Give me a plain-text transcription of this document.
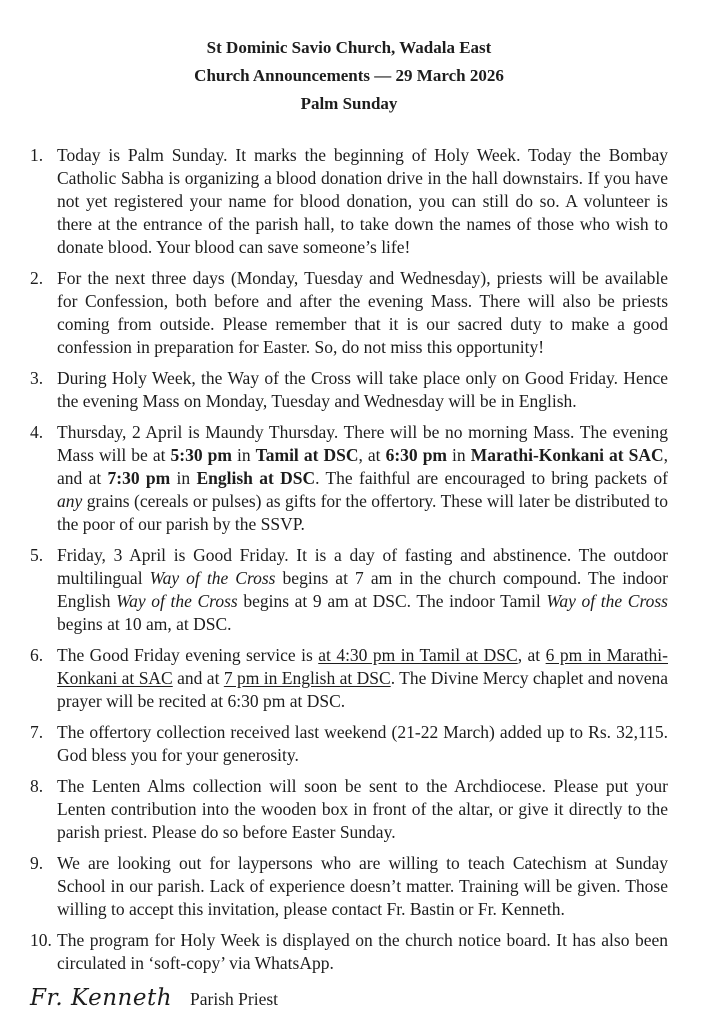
St Dominic Savio Church, Wadala East
Church Announcements — 29 March 2026
Palm Sunday
1. Today is Palm Sunday. It marks the beginning of Holy Week. Today the Bombay Catholic Sabha is organizing a blood donation drive in the hall downstairs. If you have not yet registered your name for blood donation, you can still do so. A volunteer is there at the entrance of the parish hall, to take down the names of those who wish to donate blood. Your blood can save someone’s life!

2. For the next three days (Monday, Tuesday and Wednesday), priests will be available for Confession, both before and after the evening Mass. There will also be priests coming from outside. Please remember that it is our sacred duty to make a good confession in preparation for Easter. So, do not miss this opportunity!

3. During Holy Week, the Way of the Cross will take place only on Good Friday. Hence the evening Mass on Monday, Tuesday and Wednesday will be in English.

4. Thursday, 2 April is Maundy Thursday. There will be no morning Mass. The evening Mass will be at 5:30 pm in Tamil at DSC, at 6:30 pm in Marathi-Konkani at SAC, and at 7:30 pm in English at DSC. The faithful are encouraged to bring packets of any grains (cereals or pulses) as gifts for the offertory. These will later be distributed to the poor of our parish by the SSVP.

5. Friday, 3 April is Good Friday. It is a day of fasting and abstinence. The outdoor multilingual Way of the Cross begins at 7 am in the church compound. The indoor English Way of the Cross begins at 9 am at DSC. The indoor Tamil Way of the Cross begins at 10 am, at DSC.

6. The Good Friday evening service is at 4:30 pm in Tamil at DSC, at 6 pm in Marathi-Konkani at SAC and at 7 pm in English at DSC. The Divine Mercy chaplet and novena prayer will be recited at 6:30 pm at DSC.

7. The offertory collection received last weekend (21-22 March) added up to Rs. 32,115. God bless you for your generosity.

8. The Lenten Alms collection will soon be sent to the Archdiocese. Please put your Lenten contribution into the wooden box in front of the altar, or give it directly to the parish priest. Please do so before Easter Sunday.

9. We are looking out for laypersons who are willing to teach Catechism at Sunday School in our parish. Lack of experience doesn’t matter. Training will be given. Those willing to accept this invitation, please contact Fr. Bastin or Fr. Kenneth.

10. The program for Holy Week is displayed on the church notice board. It has also been circulated in ‘soft-copy’ via WhatsApp.

Fr. Kenneth Parish Priest
